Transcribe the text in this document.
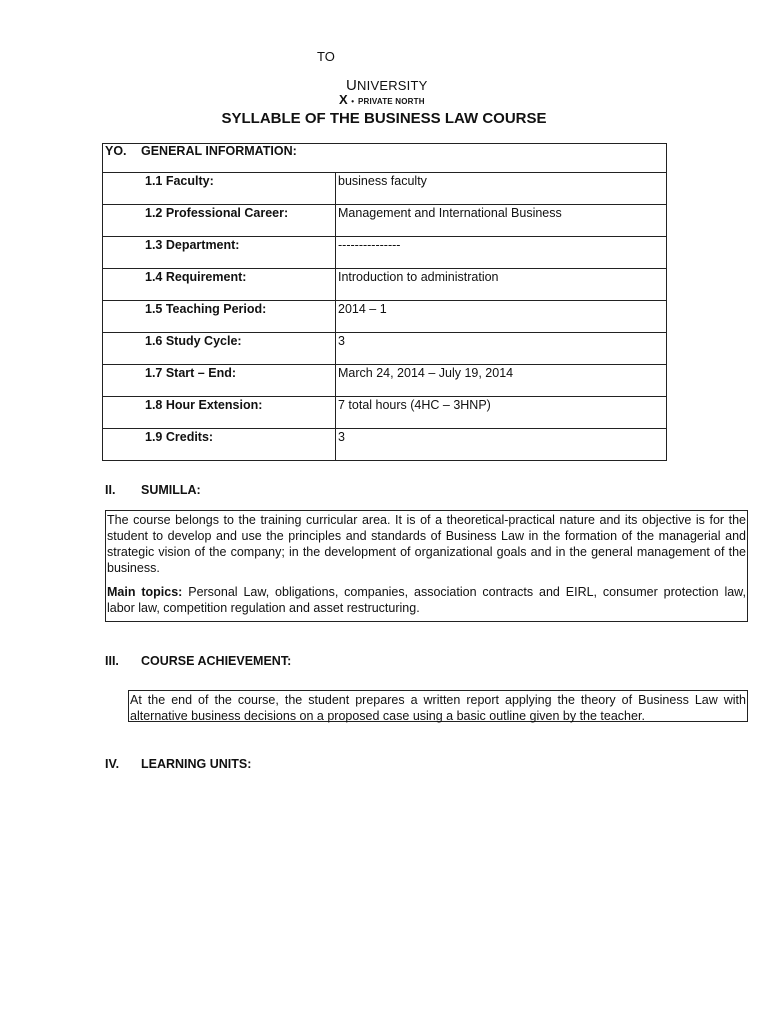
TO
UNIVERSITY
X • PRIVATE NORTH
SYLLABLE OF THE BUSINESS LAW COURSE
YO. GENERAL INFORMATION:	
1.1 Faculty:	business faculty
1.2 Professional Career:	Management and International Business
1.3 Department:	---------------
1.4 Requirement:	Introduction to administration
1.5 Teaching Period:	2014 – 1
1.6 Study Cycle:	3
1.7 Start – End:	March 24, 2014 – July 19, 2014
1.8 Hour Extension:	7 total hours (4HC – 3HNP)
1.9 Credits:	3
II. SUMILLA:

The course belongs to the training curricular area. It is of a theoretical-practical nature and its objective is for the student to develop and use the principles and standards of Business Law in the formation of the managerial and strategic vision of the company; in the development of organizational goals and in the general management of the business.

Main topics: Personal Law, obligations, companies, association contracts and EIRL, consumer protection law, labor law, competition regulation and asset restructuring.

III. COURSE ACHIEVEMENT:

At the end of the course, the student prepares a written report applying the theory of Business Law with alternative business decisions on a proposed case using a basic outline given by the teacher.

IV. LEARNING UNITS:
